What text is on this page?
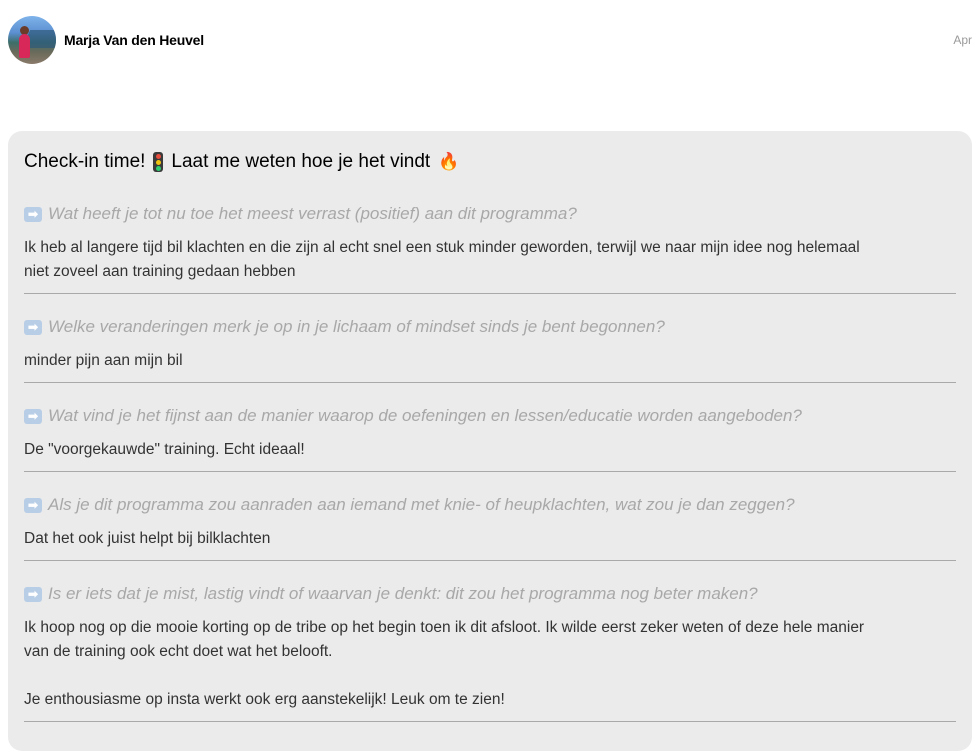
Marja Van den Heuvel	Apr
Check-in time! Laat me weten hoe je het vindt 🔥
➡ Wat heeft je tot nu toe het meest verrast (positief) aan dit programma?
Ik heb al langere tijd bil klachten en die zijn al echt snel een stuk minder geworden, terwijl we naar mijn idee nog helemaal
niet zoveel aan training gedaan hebben
➡ Welke veranderingen merk je op in je lichaam of mindset sinds je bent begonnen?
minder pijn aan mijn bil
➡ Wat vind je het fijnst aan de manier waarop de oefeningen en lessen/educatie worden aangeboden?
De "voorgekauwde" training. Echt ideaal!
➡ Als je dit programma zou aanraden aan iemand met knie- of heupklachten, wat zou je dan zeggen?
Dat het ook juist helpt bij bilklachten
➡ Is er iets dat je mist, lastig vindt of waarvan je denkt: dit zou het programma nog beter maken?
Ik hoop nog op die mooie korting op de tribe op het begin toen ik dit afsloot. Ik wilde eerst zeker weten of deze hele manier
van de training ook echt doet wat het belooft.
Je enthousiasme op insta werkt ook erg aanstekelijk! Leuk om te zien!
